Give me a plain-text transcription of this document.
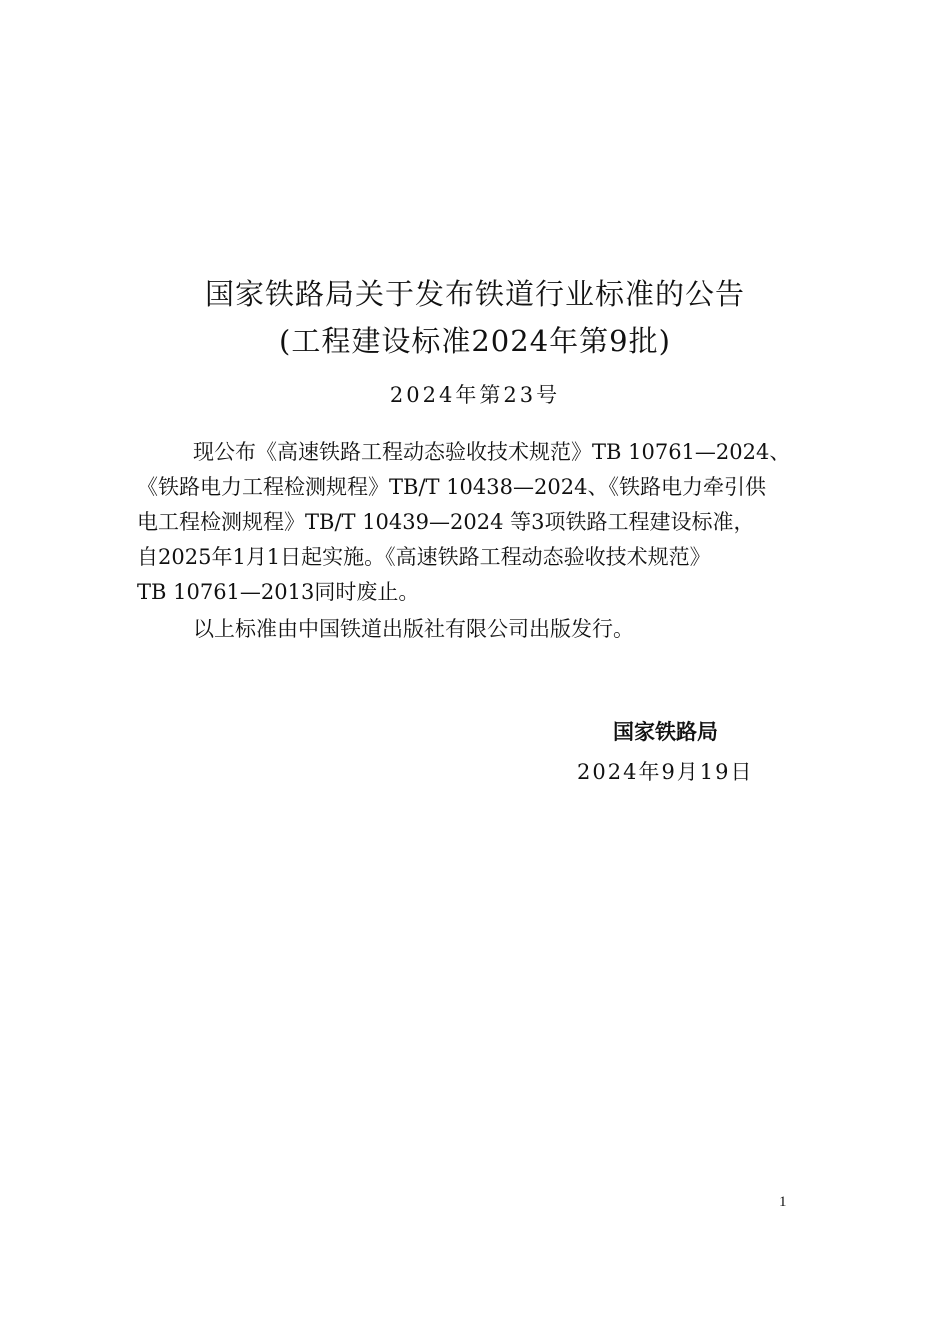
国家铁路局关于发布铁道行业标准的公告
(工程建设标准2024年第9批)
2024年第23号
现公布《高速铁路工程动态验收技术规范》TB 10761—2024、
《铁路电力工程检测规程》TB/T 10438—2024、《铁路电力牵引供
电工程检测规程》TB/T 10439—2024 等3项铁路工程建设标准，
自2025年1月1日起实施。《高速铁路工程动态验收技术规范》
TB 10761—2013同时废止。
以上标准由中国铁道出版社有限公司出版发行。
国家铁路局
2024年9月19日
1
